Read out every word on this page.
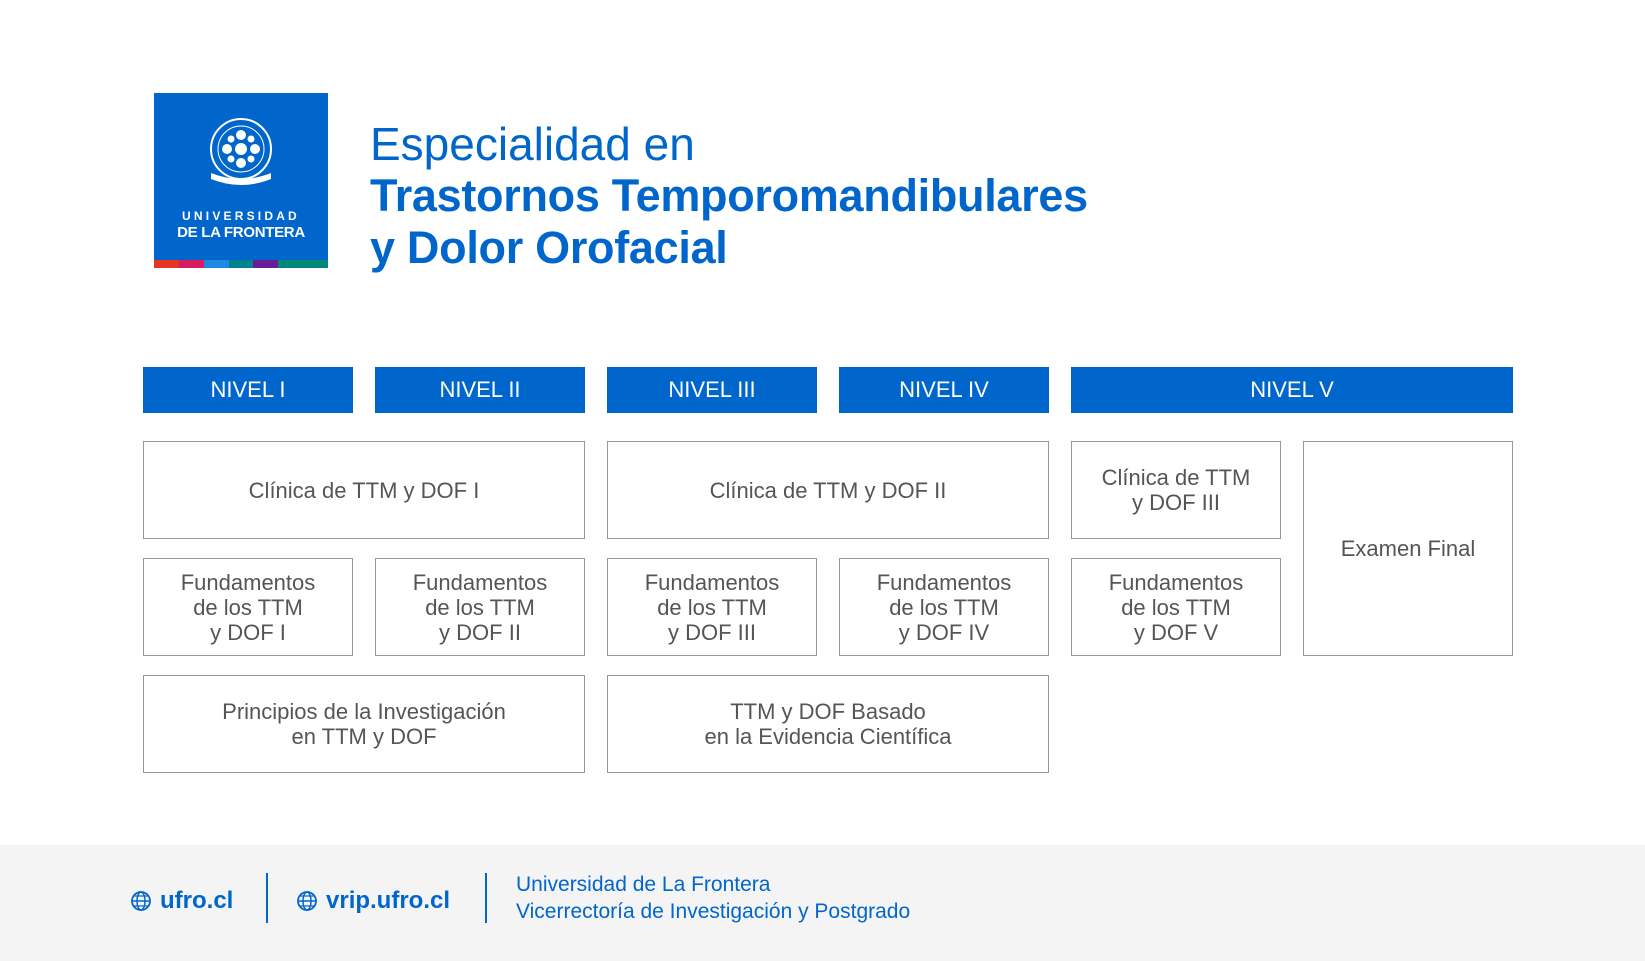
UNIVERSIDAD
DE LA FRONTERA
Especialidad en
Trastornos Temporomandibulares
y Dolor Orofacial
NIVEL I	NIVEL II	NIVEL III	NIVEL IV	NIVEL V
Clínica de TTM y DOF I	Clínica de TTM y DOF II	Clínica de TTM
y DOF III
Examen Final
Fundamentos
de los TTM
y DOF I
Fundamentos
de los TTM
y DOF II
Fundamentos
de los TTM
y DOF III
Fundamentos
de los TTM
y DOF IV
Fundamentos
de los TTM
y DOF V
Principios de la Investigación
en TTM y DOF
TTM y DOF Basado
en la Evidencia Científica
ufro.cl	vrip.ufro.cl
Universidad de La Frontera
Vicerrectoría de Investigación y Postgrado
